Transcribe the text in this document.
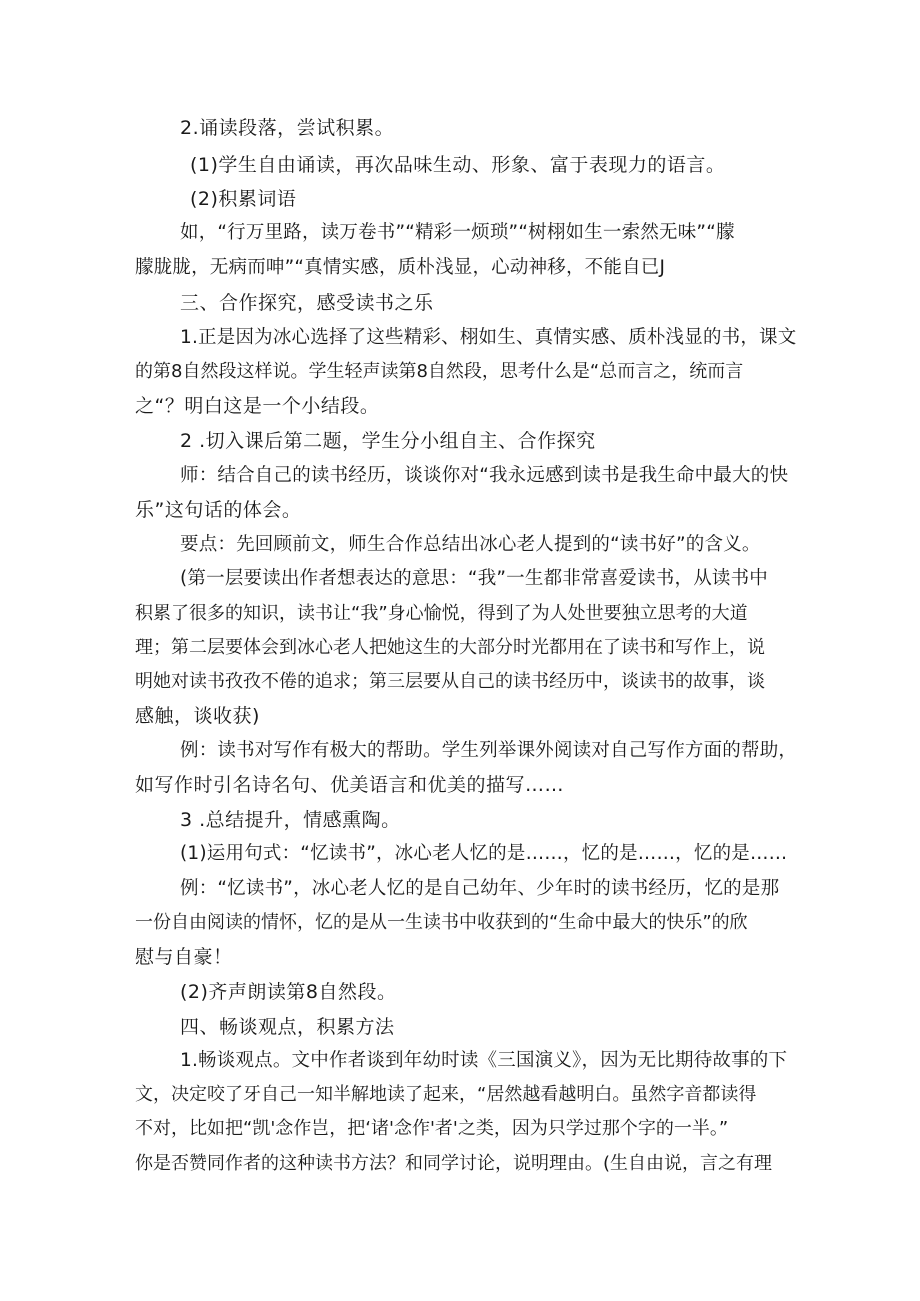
2.诵读段落，尝试积累。
(1)学生自由诵读，再次品味生动、形象、富于表现力的语言。
(2)积累词语
如，“行万里路，读万卷书”“精彩一烦琐”“树栩如生一索然无味”“朦
朦胧胧，无病而呻”“真情实感，质朴浅显，心动神移，不能自已J
三、合作探究，感受读书之乐
1.正是因为冰心选择了这些精彩、栩如生、真情实感、质朴浅显的书，课文
的第8自然段这样说。学生轻声读第8自然段，思考什么是“总而言之，统而言
之“？明白这是一个小结段。
2 .切入课后第二题，学生分小组自主、合作探究
师：结合自己的读书经历，谈谈你对“我永远感到读书是我生命中最大的快
乐”这句话的体会。
要点：先回顾前文，师生合作总结出冰心老人提到的“读书好”的含义。
(第一层要读出作者想表达的意思：“我”一生都非常喜爱读书，从读书中
积累了很多的知识，读书让“我”身心愉悦，得到了为人处世要独立思考的大道
理；第二层要体会到冰心老人把她这生的大部分时光都用在了读书和写作上，说
明她对读书孜孜不倦的追求；第三层要从自己的读书经历中，谈读书的故事，谈
感触，谈收获)
例：读书对写作有极大的帮助。学生列举课外阅读对自己写作方面的帮助，
如写作时引名诗名句、优美语言和优美的描写……
3 .总结提升，情感熏陶。
(1)运用句式：“忆读书”，冰心老人忆的是……，忆的是……，忆的是……
例：“忆读书”，冰心老人忆的是自己幼年、少年时的读书经历，忆的是那
一份自由阅读的情怀，忆的是从一生读书中收获到的“生命中最大的快乐”的欣
慰与自豪！
(2)齐声朗读第8自然段。
四、畅谈观点，积累方法
1.畅谈观点。文中作者谈到年幼时读《三国演义》，因为无比期待故事的下
文，决定咬了牙自己一知半解地读了起来，“居然越看越明白。虽然字音都读得
不对，比如把“凯'念作岂，把‘诸'念作'者'之类，因为只学过那个字的一半。”
你是否赞同作者的这种读书方法？和同学讨论，说明理由。(生自由说，言之有理
